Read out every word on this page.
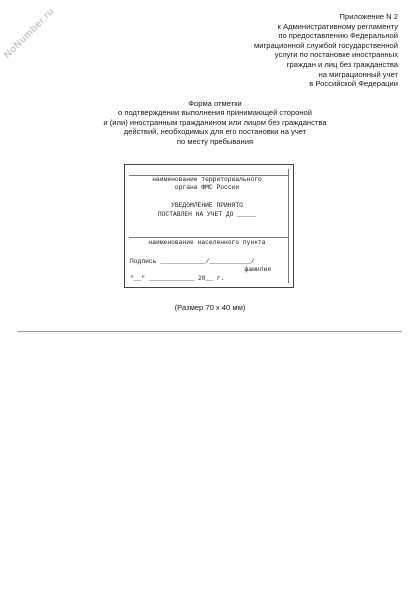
NoNumber.ru	Приложение N 2
к Административному регламенту
по предоставлению Федеральной
миграционной службой государственной
услуги по постановке иностранных
граждан и лиц без гражданства
на миграционный учет
в Российской Федерации
Форма отметки
о подтверждении выполнения принимающей стороной
и (или) иностранным гражданином или лицом без гражданства
действий, необходимых для его постановки на учет
по месту пребывания
наименование территориального
органа ФМС России
УВЕДОМЛЕНИЕ ПРИНЯТО
ПОСТАВЛЕН НА УЧЕТ ДО _____
наименование населенного пункта
Подпись ____________/___________/
фамилия
"__" ____________ 20__ г.
(Размер 70 x 40 мм)
